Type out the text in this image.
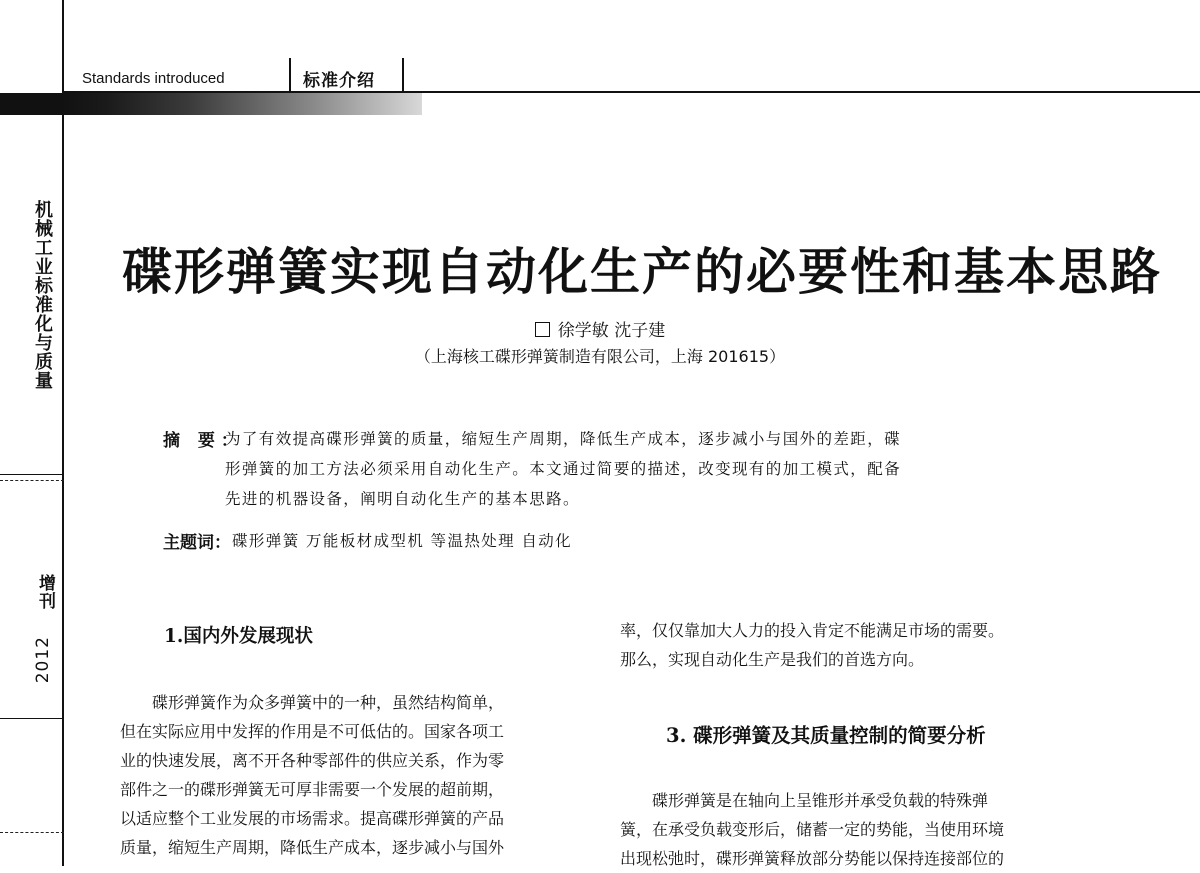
Standards introduced	标准介绍
机械工业标准化与质量
增刊
2012
碟形弹簧实现自动化生产的必要性和基本思路
徐学敏 沈子建
（上海核工碟形弹簧制造有限公司，上海 201615）
摘 要：
为了有效提高碟形弹簧的质量，缩短生产周期，降低生产成本，逐步减小与国外的差距，碟
形弹簧的加工方法必须采用自动化生产。本文通过简要的描述，改变现有的加工模式，配备
先进的机器设备，阐明自动化生产的基本思路。
主题词： 碟形弹簧 万能板材成型机 等温热处理 自动化
1.国内外发展现状
碟形弹簧作为众多弹簧中的一种，虽然结构简单，
但在实际应用中发挥的作用是不可低估的。国家各项工
业的快速发展，离不开各种零部件的供应关系，作为零
部件之一的碟形弹簧无可厚非需要一个发展的超前期，
以适应整个工业发展的市场需求。提高碟形弹簧的产品
质量，缩短生产周期，降低生产成本，逐步减小与国外
率，仅仅靠加大人力的投入肯定不能满足市场的需要。
那么，实现自动化生产是我们的首选方向。
3. 碟形弹簧及其质量控制的简要分析
碟形弹簧是在轴向上呈锥形并承受负载的特殊弹
簧，在承受负载变形后，储蓄一定的势能，当使用环境
出现松弛时，碟形弹簧释放部分势能以保持连接部位的
